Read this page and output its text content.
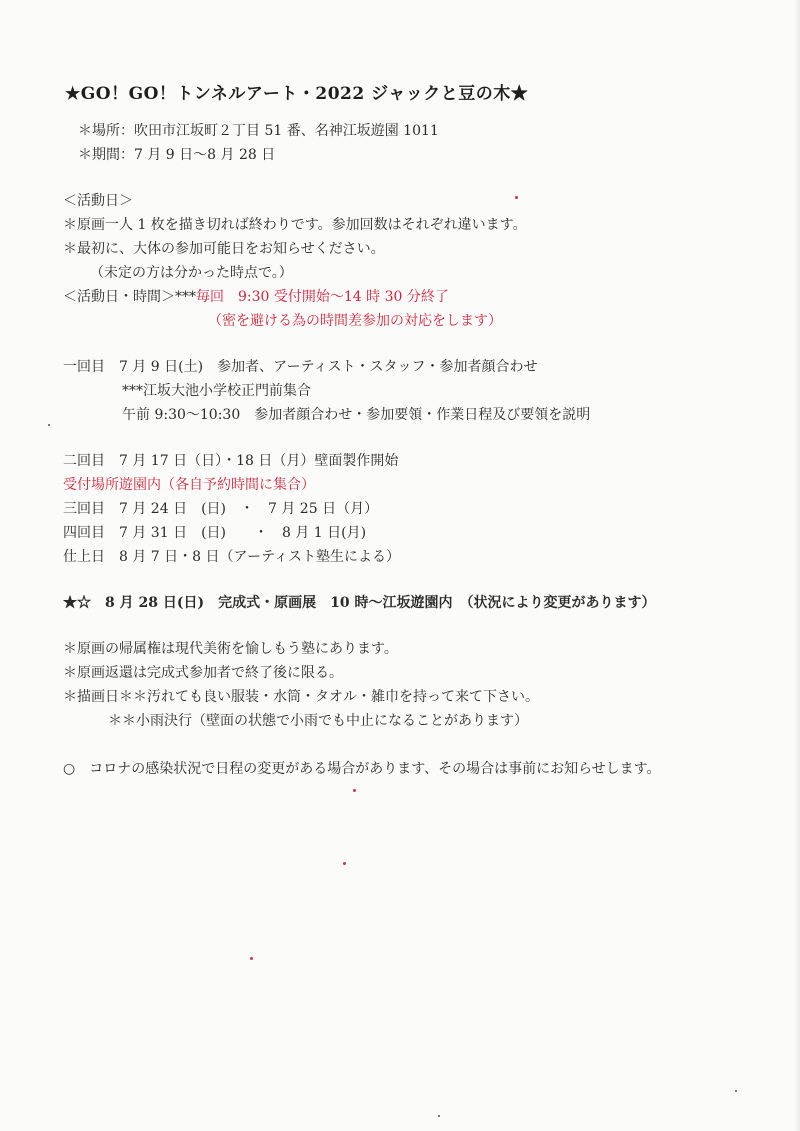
★GO！GO！トンネルアート・2022 ジャックと豆の木★
＊場所：吹田市江坂町２丁目 51 番、名神江坂遊園 1011
＊期間：7 月 9 日〜8 月 28 日
＜活動日＞
＊原画一人 1 枚を描き切れば終わりです。参加回数はそれぞれ違います。
＊最初に、大体の参加可能日をお知らせください。
（未定の方は分かった時点で。）
＜活動日・時間＞***毎回　9:30 受付開始〜14 時 30 分終了
（密を避ける為の時間差参加の対応をします）
一回目　7 月 9 日(土)　参加者、アーティスト・スタッフ・参加者顔合わせ
***江坂大池小学校正門前集合
午前 9:30〜10:30　参加者顔合わせ・参加要領・作業日程及び要領を説明
二回目　7 月 17 日（日）・18 日（月）壁面製作開始
受付場所遊園内（各自予約時間に集合）
三回目　7 月 24 日　(日)　・　7 月 25 日（月）
四回目　7 月 31 日　(日)　　・　8 月 1 日(月)
仕上日　8 月 7 日・8 日（アーティスト塾生による）
★☆　8 月 28 日(日)　完成式・原画展　10 時〜江坂遊園内　（状況により変更があります）
＊原画の帰属権は現代美術を愉しもう塾にあります。
＊原画返還は完成式参加者で終了後に限る。
＊描画日＊＊汚れても良い服装・水筒・タオル・雑巾を持って来て下さい。
＊＊小雨決行（壁面の状態で小雨でも中止になることがあります）
○　コロナの感染状況で日程の変更がある場合があります、その場合は事前にお知らせします。
